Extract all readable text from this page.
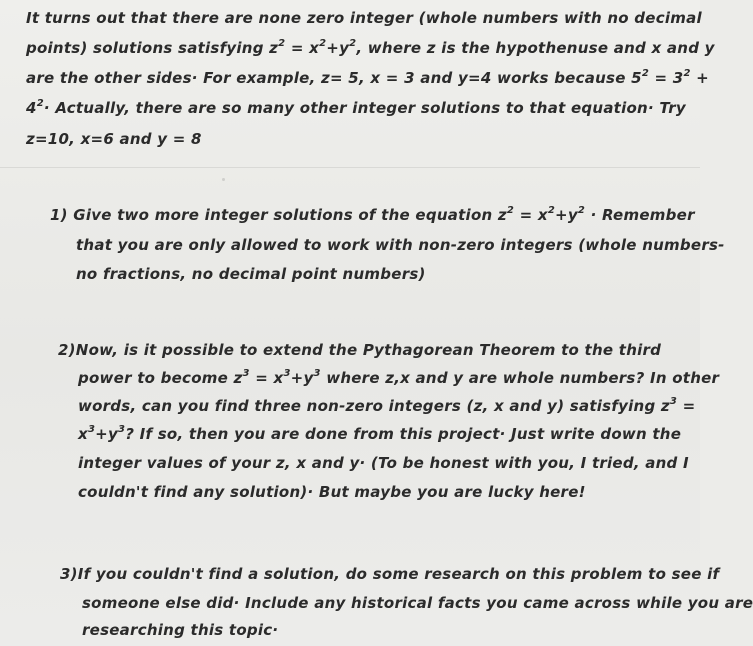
It turns out that there are none zero integer (whole numbers with no decimal
points) solutions satisfying $z^2 = x^2+y^2$, where z is the hypothenuse and x and y
are the other sides· For example, z= 5, x = 3 and y=4 works because $5^2 = 3^2$ +
$4^2\cdot$ Actually, there are so many other integer solutions to that equation· Try
z=10, x=6 and y = 8
1) Give two more integer solutions of the equation $z^2 = x^2+y^2$ · Remember
that you are only allowed to work with non-zero integers (whole numbers-
no fractions, no decimal point numbers)
2)Now, is it possible to extend the Pythagorean Theorem to the third
power to become $z^3 = x^3+y^3$ where z,x and y are whole numbers? In other
words, can you find three non-zero integers (z, x and y) satisfying $z^3$ =
$x^3+y^3$? If so, then you are done from this project· Just write down the
integer values of your z, x and y· (To be honest with you, I tried, and I
couldn't find any solution)· But maybe you are lucky here!
3)If you couldn't find a solution, do some research on this problem to see if
someone else did· Include any historical facts you came across while you are
researching this topic·
